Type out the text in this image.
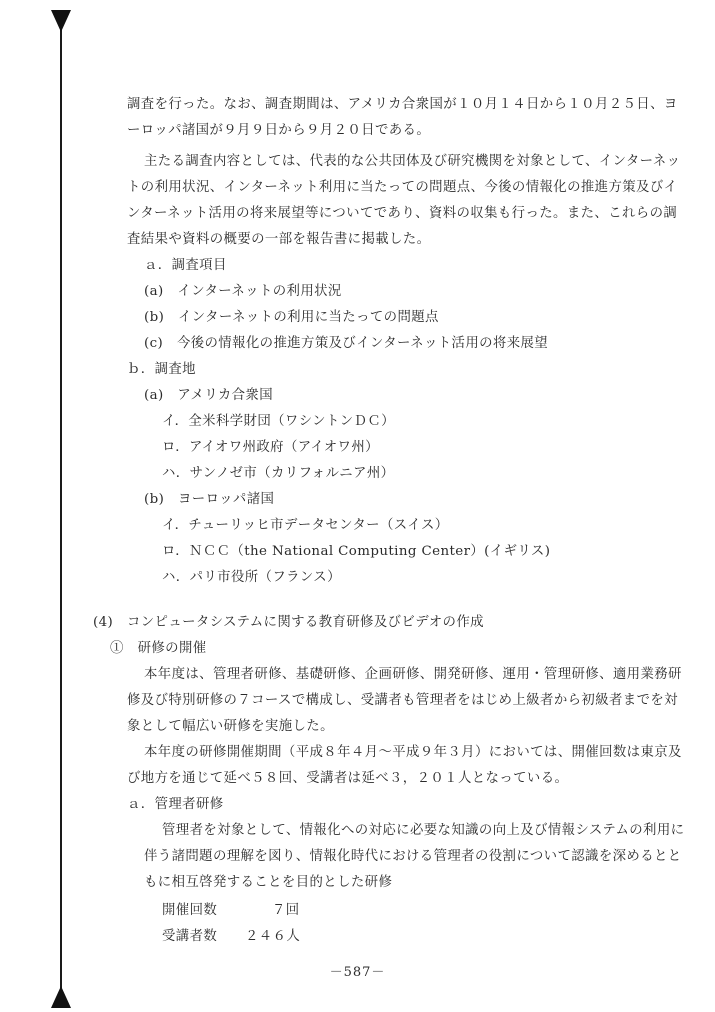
調査を行った。なお、調査期間は、アメリカ合衆国が１０月１４日から１０月２５日、ヨ
ーロッパ諸国が９月９日から９月２０日である。
主たる調査内容としては、代表的な公共団体及び研究機関を対象として、インターネッ
トの利用状況、インターネット利用に当たっての問題点、今後の情報化の推進方策及びイ
ンターネット活用の将来展望等についてであり、資料の収集も行った。また、これらの調
査結果や資料の概要の一部を報告書に掲載した。
ａ．調査項目
(a)　インターネットの利用状況
(b)　インターネットの利用に当たっての問題点
(c)　今後の情報化の推進方策及びインターネット活用の将来展望
ｂ．調査地
(a)　アメリカ合衆国
イ．全米科学財団（ワシントンＤＣ）
ロ．アイオワ州政府（アイオワ州）
ハ．サンノゼ市（カリフォルニア州）
(b)　ヨーロッパ諸国
イ．チューリッヒ市データセンター（スイス）
ロ．ＮＣＣ（the National Computing Center）(イギリス)
ハ．パリ市役所（フランス）
(4)　コンピュータシステムに関する教育研修及びビデオの作成
①　研修の開催
本年度は、管理者研修、基礎研修、企画研修、開発研修、運用・管理研修、適用業務研
修及び特別研修の７コースで構成し、受講者も管理者をはじめ上級者から初級者までを対
象として幅広い研修を実施した。
本年度の研修開催期間（平成８年４月～平成９年３月）においては、開催回数は東京及
び地方を通じて延べ５８回、受講者は延べ３，２０１人となっている。
ａ．管理者研修
管理者を対象として、情報化への対応に必要な知識の向上及び情報システムの利用に
伴う諸問題の理解を図り、情報化時代における管理者の役割について認識を深めるとと
もに相互啓発することを目的とした研修
開催回数	７回
受講者数 ２４６人
－587－
